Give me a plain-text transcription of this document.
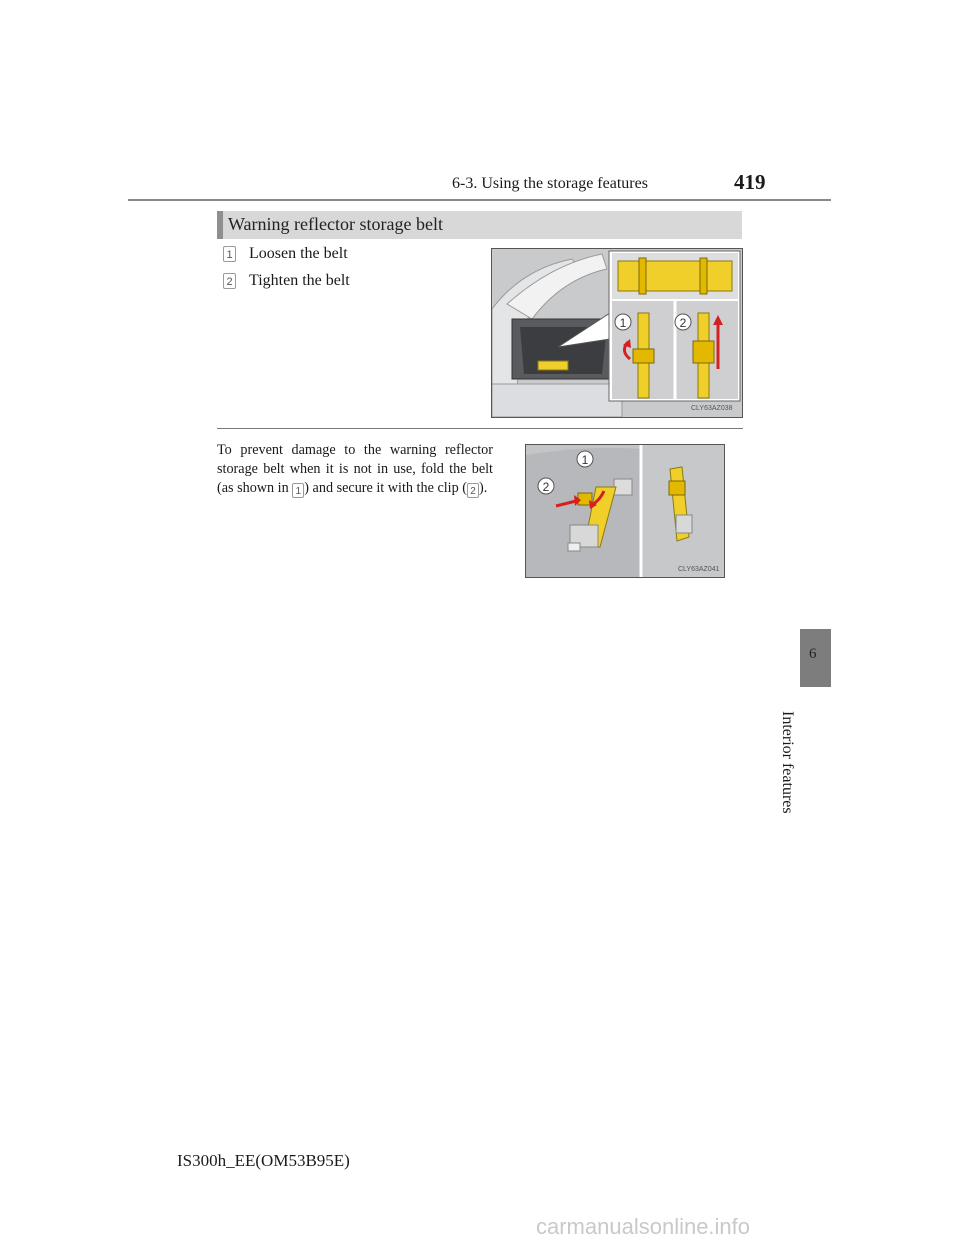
6-3. Using the storage features	419
6
Interior features
Warning reflector storage belt
1 Loosen the belt
2 Tighten the belt
1	2
CLY63AZ038
To prevent damage to the warning reflector storage belt when it is not in use, fold the belt (as shown in 1 ) and secure it with the clip ( 2 ).
1
2
CLY63AZ041
IS300h_EE(OM53B95E)
carmanualsonline.info
